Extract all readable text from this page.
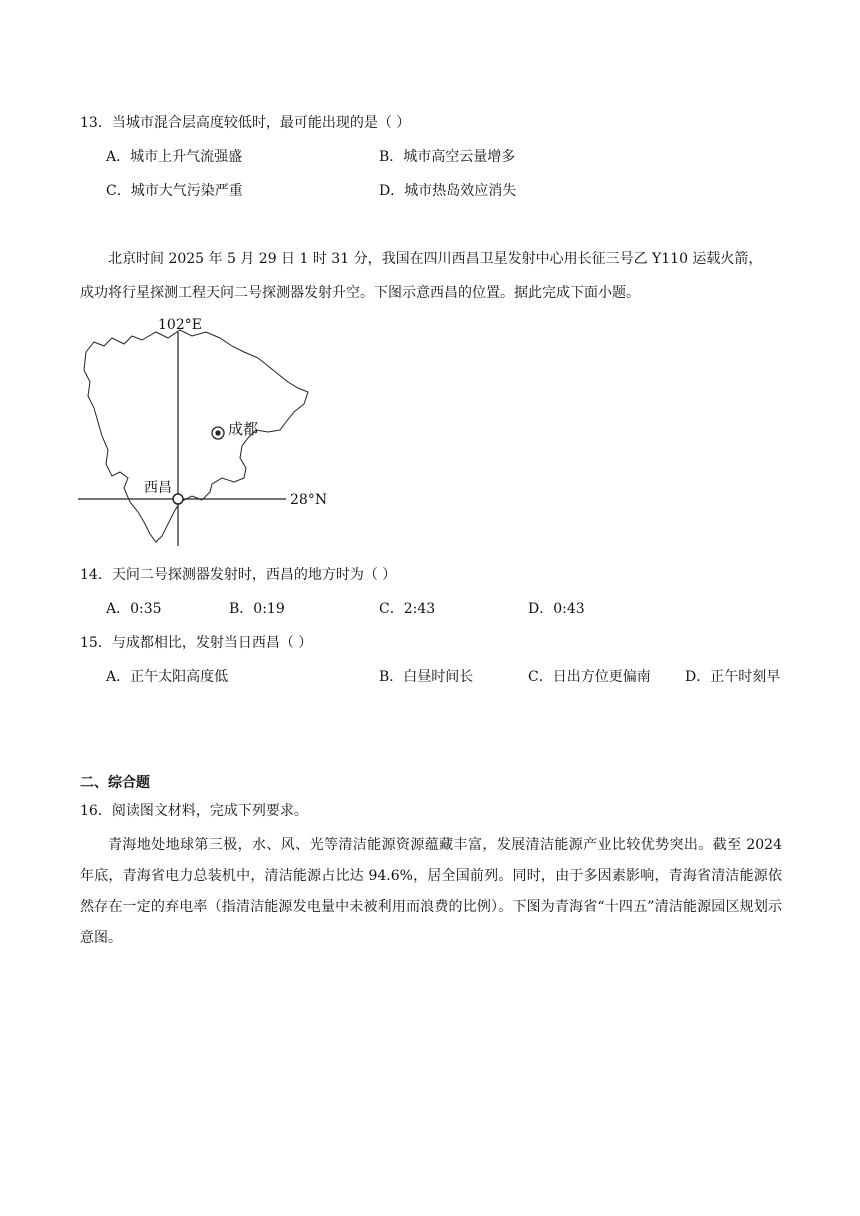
13．当城市混合层高度较低时，最可能出现的是（ ）
A．城市上升气流强盛	B．城市高空云量增多
C．城市大气污染严重	D．城市热岛效应消失
北京时间 2025 年 5 月 29 日 1 时 31 分，我国在四川西昌卫星发射中心用长征三号乙 Y110 运载火箭，
成功将行星探测工程天问二号探测器发射升空。下图示意西昌的位置。据此完成下面小题。
102°E
28°N
成都
西昌
14．天问二号探测器发射时，西昌的地方时为（ ）
A．0:35	B．0:19	C．2:43	D．0:43
15．与成都相比，发射当日西昌（ ）
A．正午太阳高度低	B．白昼时间长	C．日出方位更偏南 D．正午时刻早
二、综合题
16．阅读图文材料，完成下列要求。
青海地处地球第三极，水、风、光等清洁能源资源蕴藏丰富，发展清洁能源产业比较优势突出。截至 2024 年底，青海省电力总装机中，清洁能源占比达 94.6%，居全国前列。同时，由于多因素影响，青海省清洁能源依然存在一定的弃电率（指清洁能源发电量中未被利用而浪费的比例）。下图为青海省“十四五”清洁能源园区规划示意图。
